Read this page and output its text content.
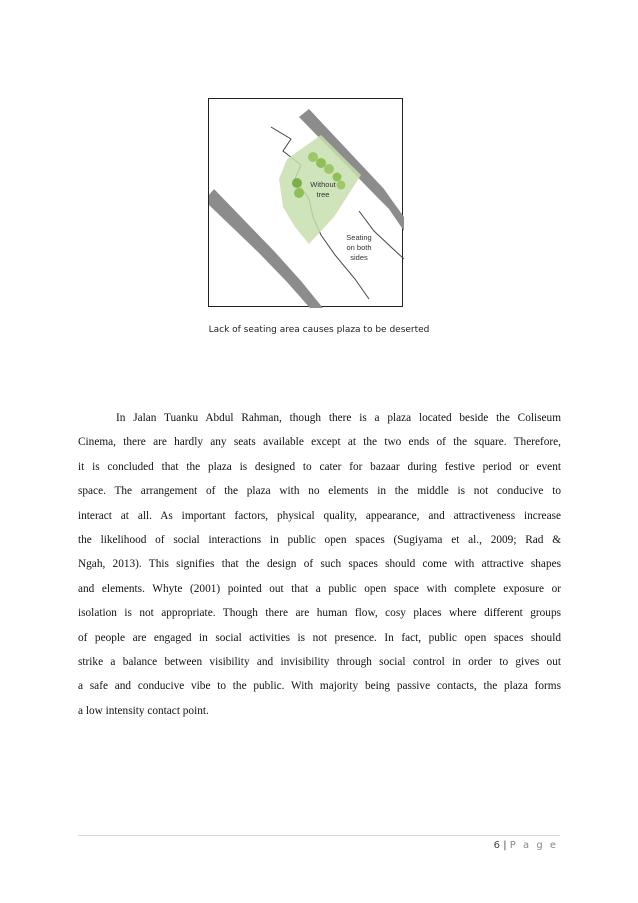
Without
tree
Seating
on both
sides
Lack of seating area causes plaza to be deserted
In Jalan Tuanku Abdul Rahman, though there is a plaza located beside the Coliseum
Cinema, there are hardly any seats available except at the two ends of the square. Therefore,
it is concluded that the plaza is designed to cater for bazaar during festive period or event
space. The arrangement of the plaza with no elements in the middle is not conducive to
interact at all. As important factors, physical quality, appearance, and attractiveness increase
the likelihood of social interactions in public open spaces (Sugiyama et al., 2009; Rad &
Ngah, 2013). This signifies that the design of such spaces should come with attractive shapes
and elements. Whyte (2001) pointed out that a public open space with complete exposure or
isolation is not appropriate. Though there are human flow, cosy places where different groups
of people are engaged in social activities is not presence. In fact, public open spaces should
strike a balance between visibility and invisibility through social control in order to gives out
a safe and conducive vibe to the public. With majority being passive contacts, the plaza forms
a low intensity contact point.
6 | P a g e
